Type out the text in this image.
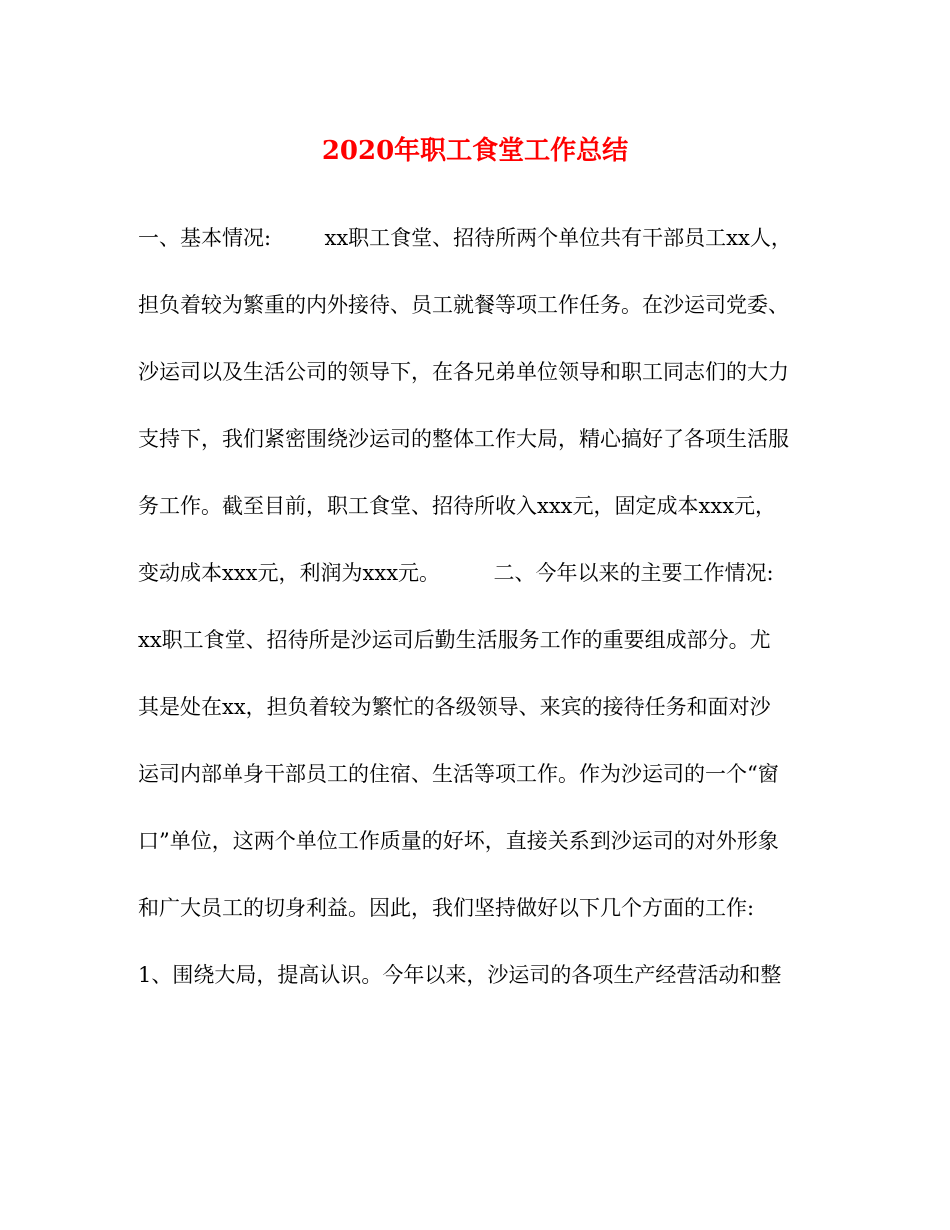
2020年职工食堂工作总结
一、基本情况:        xx职工食堂、招待所两个单位共有干部员工xx人，
担负着较为繁重的内外接待、员工就餐等项工作任务。在沙运司党委、
沙运司以及生活公司的领导下，在各兄弟单位领导和职工同志们的大力
支持下，我们紧密围绕沙运司的整体工作大局，精心搞好了各项生活服
务工作。截至目前，职工食堂、招待所收入xxx元，固定成本xxx元，
变动成本xxx元，利润为xxx元。        二、今年以来的主要工作情况:
xx职工食堂、招待所是沙运司后勤生活服务工作的重要组成部分。尤
其是处在xx，担负着较为繁忙的各级领导、来宾的接待任务和面对沙
运司内部单身干部员工的住宿、生活等项工作。作为沙运司的一个“窗
口”单位，这两个单位工作质量的好坏，直接关系到沙运司的对外形象
和广大员工的切身利益。因此，我们坚持做好以下几个方面的工作:
1、围绕大局，提高认识。今年以来，沙运司的各项生产经营活动和整
